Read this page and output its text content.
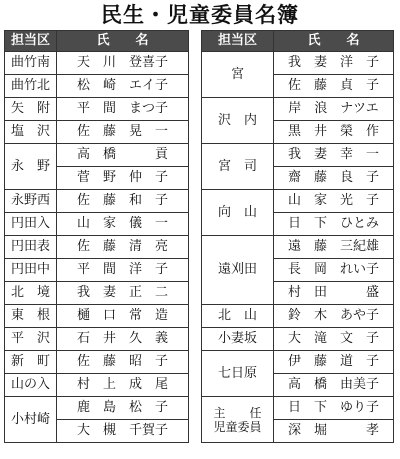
民生・児童委員名簿
担当区	氏　　名
曲竹南	天　川　登喜子
曲竹北	松　崎　エイ子
矢　附	平　間　まつ子
塩　沢	佐　藤　晃　一
永　野	高　橋　　　貢
	菅　野　仲　子
永野西	佐　藤　和　子
円田入	山　家　儀　一
円田表	佐　藤　清　亮
円田中	平　間　洋　子
北　境	我　妻　正　二
東　根	樋　口　常　造
平　沢	石　井　久　義
新　町	佐　藤　昭　子
山の入	村　上　成　尾
小村崎	鹿　島　松　子
	大　槻　千賀子
担当区	氏　　名
宮	我　妻　洋　子
	佐　藤　貞　子
沢　内	岸　浪　ナツエ
	黒　井　榮　作
宮　司	我　妻　幸　一
	齋　藤　良　子
向　山	山　家　光　子
	日　下　ひとみ
遠刈田	遠　藤　三紀雄
	長　岡　れい子
	村　田　　　盛
北　山	鈴　木　あや子
小妻坂	大　滝　文　子
七日原	伊　藤　道　子
	高　橋　由美子

主　　任
児童委員	日　下　ゆり子
	深　堀　　　孝
